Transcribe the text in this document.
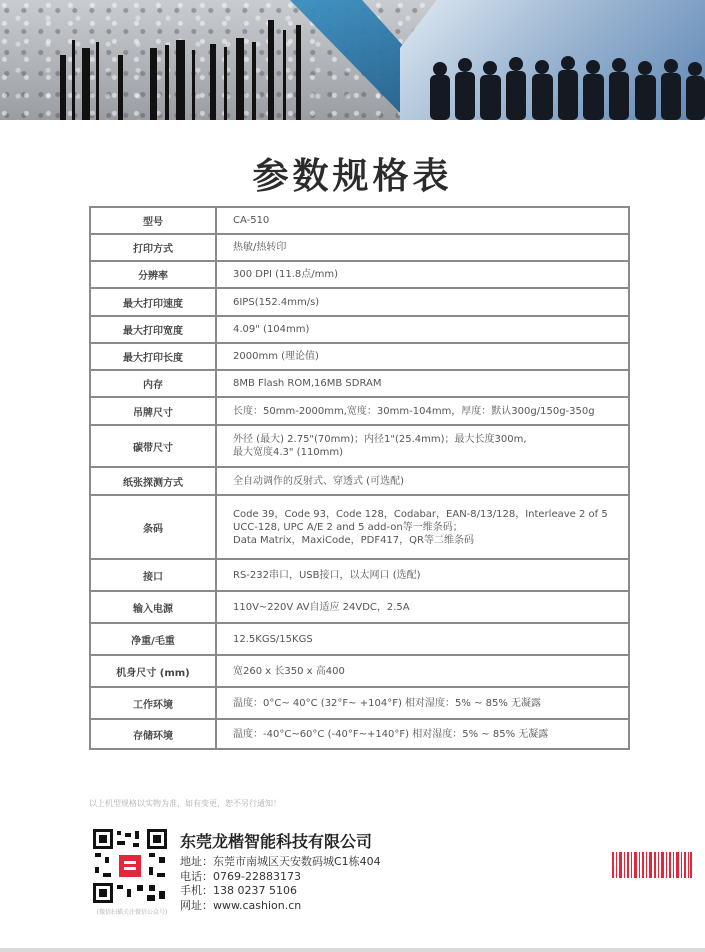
参数规格表
型号	CA-510

打印方式	热敏/热转印

分辨率	300 DPI (11.8点/mm)

最大打印速度	6IPS(152.4mm/s)

最大打印宽度	4.09" (104mm)

最大打印长度	2000mm (理论值)

内存	8MB Flash ROM,16MB SDRAM

吊牌尺寸	长度：50mm-2000mm,宽度：30mm-104mm，厚度：默认300g/150g-350g

碳带尺寸	外径 (最大) 2.75"(70mm)；内径1"(25.4mm)；最大长度300m,
最大宽度4.3" (110mm)

纸张探测方式	全自动调作的反射式、穿透式 (可选配)

条码	Code 39，Code 93，Code 128，Codabar，EAN-8/13/128，Interleave 2 of 5
UCC-128, UPC A/E 2 and 5 add-on等一维条码；
Data Matrix，MaxiCode，PDF417，QR等二维条码

接口	RS-232串口，USB接口，以太网口 (选配)

输入电源	110V~220V AV自适应 24VDC，2.5A

净重/毛重	12.5KGS/15KGS

机身尺寸 (mm)	宽260 x 长350 x 高400

工作环境	温度：0°C~ 40°C (32°F~ +104°F) 相对湿度：5% ~ 85% 无凝露

存储环境	温度：-40°C~60°C (-40°F~+140°F) 相对湿度：5% ~ 85% 无凝露
以上机型规格以实物为准，如有变更，恕不另行通知！
(微信扫描关注微信公众号)
东莞龙楷智能科技有限公司
地址：东莞市南城区天安数码城C1栋404
电话：0769-22883173
手机：138 0237 5106
网址：www.cashion.cn
